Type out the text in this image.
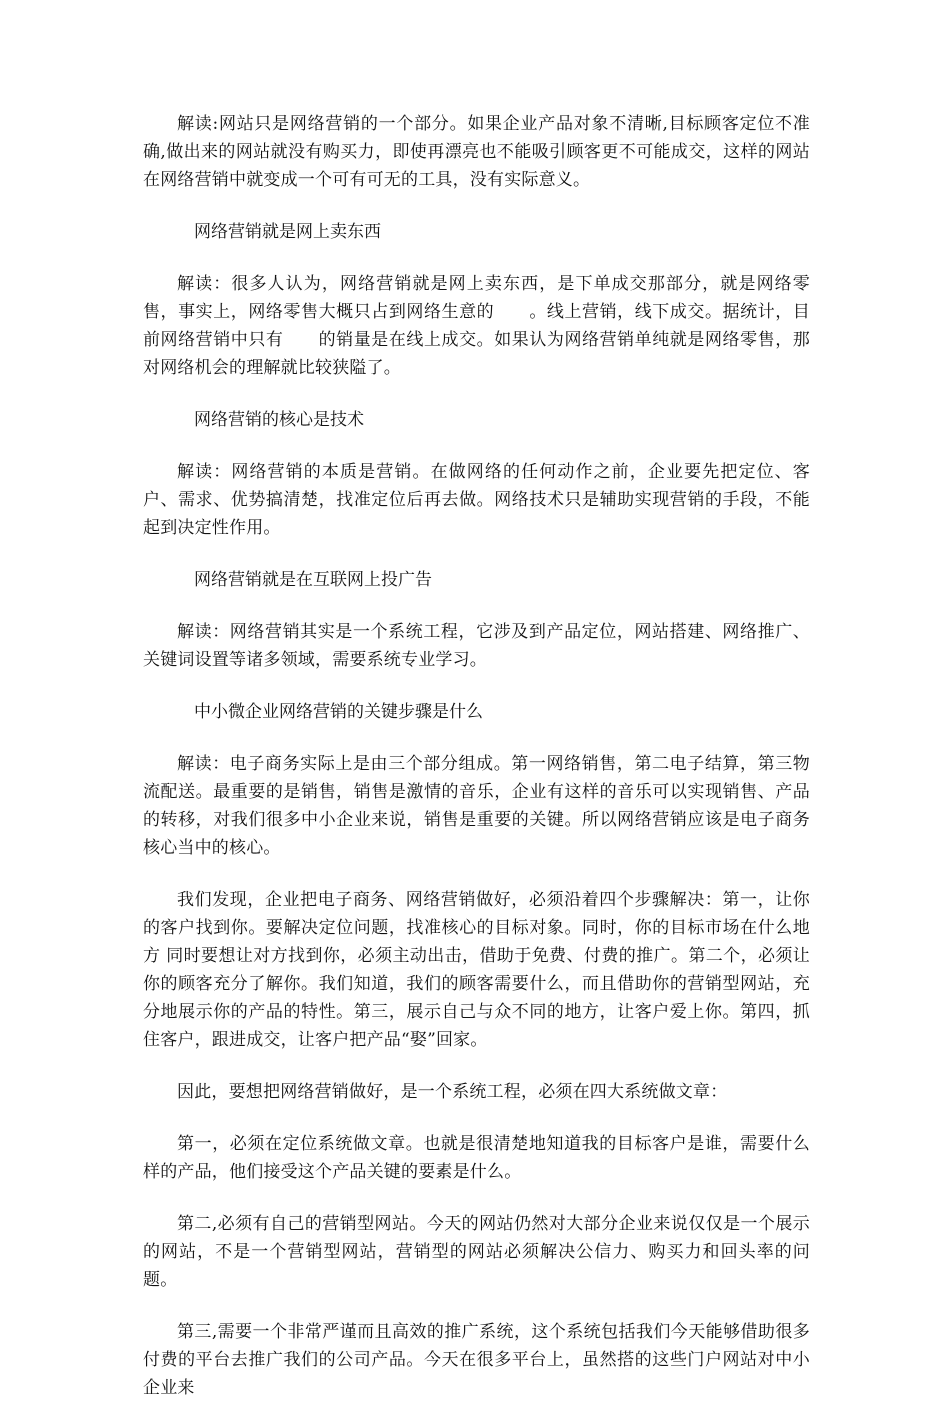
解读:网站只是网络营销的一个部分。如果企业产品对象不清晰,目标顾客定位不准确,做出来的网站就没有购买力，即使再漂亮也不能吸引顾客更不可能成交，这样的网站在网络营销中就变成一个可有可无的工具，没有实际意义。

网络营销就是网上卖东西

解读：很多人认为，网络营销就是网上卖东西，是下单成交那部分，就是网络零售，事实上，网络零售大概只占到网络生意的　　。线上营销，线下成交。据统计，目前网络营销中只有　　的销量是在线上成交。如果认为网络营销单纯就是网络零售，那对网络机会的理解就比较狭隘了。

网络营销的核心是技术

解读：网络营销的本质是营销。在做网络的任何动作之前，企业要先把定位、客户、需求、优势搞清楚，找准定位后再去做。网络技术只是辅助实现营销的手段，不能起到决定性作用。

网络营销就是在互联网上投广告

解读：网络营销其实是一个系统工程，它涉及到产品定位，网站搭建、网络推广、关键词设置等诸多领域，需要系统专业学习。

中小微企业网络营销的关键步骤是什么

解读：电子商务实际上是由三个部分组成。第一网络销售，第二电子结算，第三物流配送。最重要的是销售，销售是激情的音乐，企业有这样的音乐可以实现销售、产品的转移，对我们很多中小企业来说，销售是重要的关键。所以网络营销应该是电子商务核心当中的核心。

我们发现，企业把电子商务、网络营销做好，必须沿着四个步骤解决：第一，让你的客户找到你。要解决定位问题，找准核心的目标对象。同时，你的目标市场在什么地方 同时要想让对方找到你，必须主动出击，借助于免费、付费的推广。第二个，必须让你的顾客充分了解你。我们知道，我们的顾客需要什么，而且借助你的营销型网站，充分地展示你的产品的特性。第三，展示自己与众不同的地方，让客户爱上你。第四，抓住客户，跟进成交，让客户把产品“娶”回家。

因此，要想把网络营销做好，是一个系统工程，必须在四大系统做文章：

第一，必须在定位系统做文章。也就是很清楚地知道我的目标客户是谁，需要什么样的产品，他们接受这个产品关键的要素是什么。

第二,必须有自己的营销型网站。今天的网站仍然对大部分企业来说仅仅是一个展示的网站，不是一个营销型网站，营销型的网站必须解决公信力、购买力和回头率的问题。

第三,需要一个非常严谨而且高效的推广系统，这个系统包括我们今天能够借助很多付费的平台去推广我们的公司产品。今天在很多平台上，虽然搭的这些门户网站对中小企业来
